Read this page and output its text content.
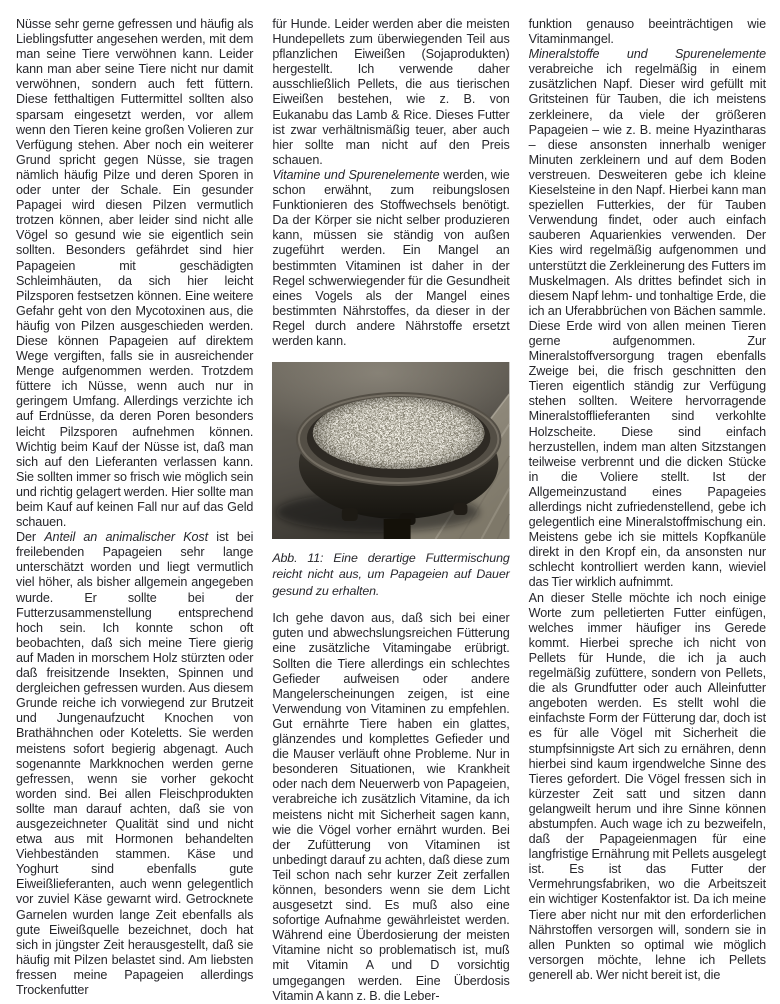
Nüsse sehr gerne gefressen und häufig als Lieblingsfutter angesehen werden, mit dem man seine Tiere verwöhnen kann. Leider kann man aber seine Tiere nicht nur damit verwöhnen, sondern auch fett füttern. Diese fetthaltigen Futtermittel sollten also sparsam eingesetzt werden, vor allem wenn den Tieren keine großen Volieren zur Verfügung stehen. Aber noch ein weiterer Grund spricht gegen Nüsse, sie tragen nämlich häufig Pilze und deren Sporen in oder unter der Schale. Ein gesunder Papagei wird diesen Pilzen vermutlich trotzen können, aber leider sind nicht alle Vögel so gesund wie sie eigentlich sein sollten. Besonders gefährdet sind hier Papageien mit geschädigten Schleimhäuten, da sich hier leicht Pilzsporen festsetzen können. Eine weitere Gefahr geht von den Mycotoxinen aus, die häufig von Pilzen ausgeschieden werden. Diese können Papageien auf direktem Wege vergiften, falls sie in ausreichender Menge aufgenommen werden. Trotzdem füttere ich Nüsse, wenn auch nur in geringem Umfang. Allerdings verzichte ich auf Erdnüsse, da deren Poren besonders leicht Pilzsporen aufnehmen können. Wichtig beim Kauf der Nüsse ist, daß man sich auf den Lieferanten verlassen kann. Sie sollten immer so frisch wie möglich sein und richtig gelagert werden. Hier sollte man beim Kauf auf keinen Fall nur auf das Geld schauen.

Der Anteil an animalischer Kost ist bei freilebenden Papageien sehr lange unterschätzt worden und liegt vermutlich viel höher, als bisher allgemein angegeben wurde. Er sollte bei der Futterzusammenstellung entsprechend hoch sein. Ich konnte schon oft beobachten, daß sich meine Tiere gierig auf Maden in morschem Holz stürzten oder daß freisitzende Insekten, Spinnen und dergleichen gefressen wurden. Aus diesem Grunde reiche ich vorwiegend zur Brutzeit und Jungenaufzucht Knochen von Brathähnchen oder Koteletts. Sie werden meistens sofort begierig abgenagt. Auch sogenannte Markknochen werden gerne gefressen, wenn sie vorher gekocht worden sind. Bei allen Fleischprodukten sollte man darauf achten, daß sie von ausgezeichneter Qualität sind und nicht etwa aus mit Hormonen behandelten Viehbeständen stammen. Käse und Yoghurt sind ebenfalls gute Eiweißlieferanten, auch wenn gelegentlich vor zuviel Käse gewarnt wird. Getrocknete Garnelen wurden lange Zeit ebenfalls als gute Eiweißquelle bezeichnet, doch hat sich in jüngster Zeit herausgestellt, daß sie häufig mit Pilzen belastet sind. Am liebsten fressen meine Papageien allerdings Trockenfutter

für Hunde. Leider werden aber die meisten Hundepellets zum überwiegenden Teil aus pflanzlichen Eiweißen (Sojaprodukten) hergestellt. Ich verwende daher ausschließlich Pellets, die aus tierischen Eiweißen bestehen, wie z. B. von Eukanabu das Lamb & Rice. Dieses Futter ist zwar verhältnismäßig teuer, aber auch hier sollte man nicht auf den Preis schauen.

Vitamine und Spurenelemente werden, wie schon erwähnt, zum reibungslosen Funktionieren des Stoffwechsels benötigt. Da der Körper sie nicht selber produzieren kann, müssen sie ständig von außen zugeführt werden. Ein Mangel an bestimmten Vitaminen ist daher in der Regel schwerwiegender für die Gesundheit eines Vogels als der Mangel eines bestimmten Nährstoffes, da dieser in der Regel durch andere Nährstoffe ersetzt werden kann.

Abb. 11: Eine derartige Futtermischung reicht nicht aus, um Papageien auf Dauer gesund zu erhalten.

Ich gehe davon aus, daß sich bei einer guten und abwechslungsreichen Fütterung eine zusätzliche Vitamingabe erübrigt. Sollten die Tiere allerdings ein schlechtes Gefieder aufweisen oder andere Mangelerscheinungen zeigen, ist eine Verwendung von Vitaminen zu empfehlen. Gut ernährte Tiere haben ein glattes, glänzendes und komplettes Gefieder und die Mauser verläuft ohne Probleme. Nur in besonderen Situationen, wie Krankheit oder nach dem Neuerwerb von Papageien, verabreiche ich zusätzlich Vitamine, da ich meistens nicht mit Sicherheit sagen kann, wie die Vögel vorher ernährt wurden. Bei der Zufütterung von Vitaminen ist unbedingt darauf zu achten, daß diese zum Teil schon nach sehr kurzer Zeit zerfallen können, besonders wenn sie dem Licht ausgesetzt sind. Es muß also eine sofortige Aufnahme gewährleistet werden. Während eine Überdosierung der meisten Vitamine nicht so problematisch ist, muß mit Vitamin A und D vorsichtig umgegangen werden. Eine Überdosis Vitamin A kann z. B. die Leber-

funktion genauso beeinträchtigen wie Vitaminmangel.

Mineralstoffe und Spurenelemente verabreiche ich regelmäßig in einem zusätzlichen Napf. Dieser wird gefüllt mit Gritsteinen für Tauben, die ich meistens zerkleinere, da viele der größeren Papageien – wie z. B. meine Hyazintharas – diese ansonsten innerhalb weniger Minuten zerkleinern und auf dem Boden verstreuen. Desweiteren gebe ich kleine Kieselsteine in den Napf. Hierbei kann man speziellen Futterkies, der für Tauben Verwendung findet, oder auch einfach sauberen Aquarienkies verwenden. Der Kies wird regelmäßig aufgenommen und unterstützt die Zerkleinerung des Futters im Muskelmagen. Als drittes befindet sich in diesem Napf lehm- und tonhaltige Erde, die ich an Uferabbrüchen von Bächen sammle. Diese Erde wird von allen meinen Tieren gerne aufgenommen. Zur Mineralstoffversorgung tragen ebenfalls Zweige bei, die frisch geschnitten den Tieren eigentlich ständig zur Verfügung stehen sollten. Weitere hervorragende Mineralstofflieferanten sind verkohlte Holzscheite. Diese sind einfach herzustellen, indem man alten Sitzstangen teilweise verbrennt und die dicken Stücke in die Voliere stellt. Ist der Allgemeinzustand eines Papageies allerdings nicht zufriedenstellend, gebe ich gelegentlich eine Mineralstoffmischung ein. Meistens gebe ich sie mittels Kopfkanüle direkt in den Kropf ein, da ansonsten nur schlecht kontrolliert werden kann, wieviel das Tier wirklich aufnimmt.

An dieser Stelle möchte ich noch einige Worte zum pelletierten Futter einfügen, welches immer häufiger ins Gerede kommt. Hierbei spreche ich nicht von Pellets für Hunde, die ich ja auch regelmäßig zufüttere, sondern von Pellets, die als Grundfutter oder auch Alleinfutter angeboten werden. Es stellt wohl die einfachste Form der Fütterung dar, doch ist es für alle Vögel mit Sicherheit die stumpfsinnigste Art sich zu ernähren, denn hierbei sind kaum irgendwelche Sinne des Tieres gefordert. Die Vögel fressen sich in kürzester Zeit satt und sitzen dann gelangweilt herum und ihre Sinne können abstumpfen. Auch wage ich zu bezweifeln, daß der Papageienmagen für eine langfristige Ernährung mit Pellets ausgelegt ist. Es ist das Futter der Vermehrungsfabriken, wo die Arbeitszeit ein wichtiger Kostenfaktor ist. Da ich meine Tiere aber nicht nur mit den erforderlichen Nährstoffen versorgen will, sondern sie in allen Punkten so optimal wie möglich versorgen möchte, lehne ich Pellets generell ab. Wer nicht bereit ist, die
